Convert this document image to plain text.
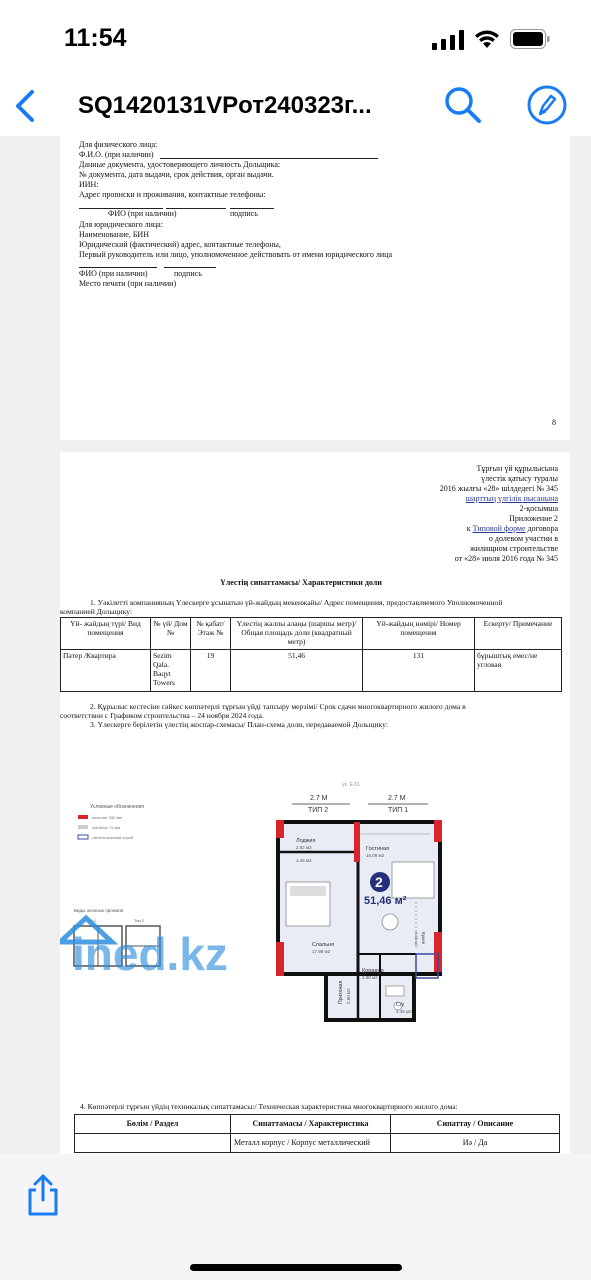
11:54
SQ1420131VPот240323г...
Для физического лица:
Ф.И.О. (при наличии)
Данные документа, удостоверяющего личность Дольщика:
№ документа, дата выдачи, срок действия, орган выдачи.
ИИН:
Адрес прописки и проживания, контактные телефоны:
ФИО (при наличии)	подпись
Для юридического лица:
Наименование, БИН
Юридический (фактический) адрес, контактные телефоны,
Первый руководитель или лицо, уполномоченное действовать от имени юридического лица
ФИО (при наличии)	подпись
Место печати (при наличии)
8
Тұрғын үй құрылысына
үлестік қатысу туралы
2016 жылғы «28» шілдедегі № 345
шарттың үлгілік нысанына
2-қосымша
Приложение 2
к Типовой форме договора
о долевом участии в
жилищном строительстве
от «28» июля 2016 года № 345
Үлестің сипаттамасы/ Характеристики доли
1. Уәкілетті компанияның Үлескерге ұсынатын үй-жайдың мекенжайы/ Адрес помещения, предоставляемого Уполномоченной
компанией Дольщику:
Үй- жайдың түрі/ Вид помещения	№ үй/ Дом №	№ қабат/ Этаж №	Үлестің жалпы алаңы (шаршы метр)/ Общая площадь доли (квадратный метр)	Үй-жайдың нөмірі/ Номер помещения	Ескерту/ Примечание
Пәтер /Квартира	Sezim Qala. Baqyt Towers	19	51,46	131	бұрыштық емес/не угловая
2. Құрылыс кестесіне сәйкес көппәтерлі тұрғын үйді тапсыру мерзімі/ Срок сдачи многоквартирного жилого дома в
соответствии с Графиком строительства – 24 ноября 2024 года.
3. Үлескерге берілетін үлестің жоспар-схемасы/ План-схема доли, передаваемой Дольщику:
Условные обозначения
монолит 250 мм
газоблок 75 мм
сантехнический короб
Виды оконных проемов
Тип 1	Тип 2
ук. Е-51
2.7 М
ТИП 2
2.7 М
ТИП 1
Лоджия
2.92 м2
1.46 м2
Гостиная
16.09 м2
Спальня
17.98 м2
Коридор
2.98 м2
Прихожая 2.60 м2
С/у
4.45 м2
Кухня
6.45 м2
2
51,46 м²
ined.kz
4. Көппәтерлі тұрғын үйдің техникалық сипаттамасы:/ Техническая характеристика многоквартирного жилого дома:
Бөлім / Раздел	Сипаттамасы / Характеристика	Сипаттау / Описание
	Металл корпус / Корпус металлический	Иә / Да
